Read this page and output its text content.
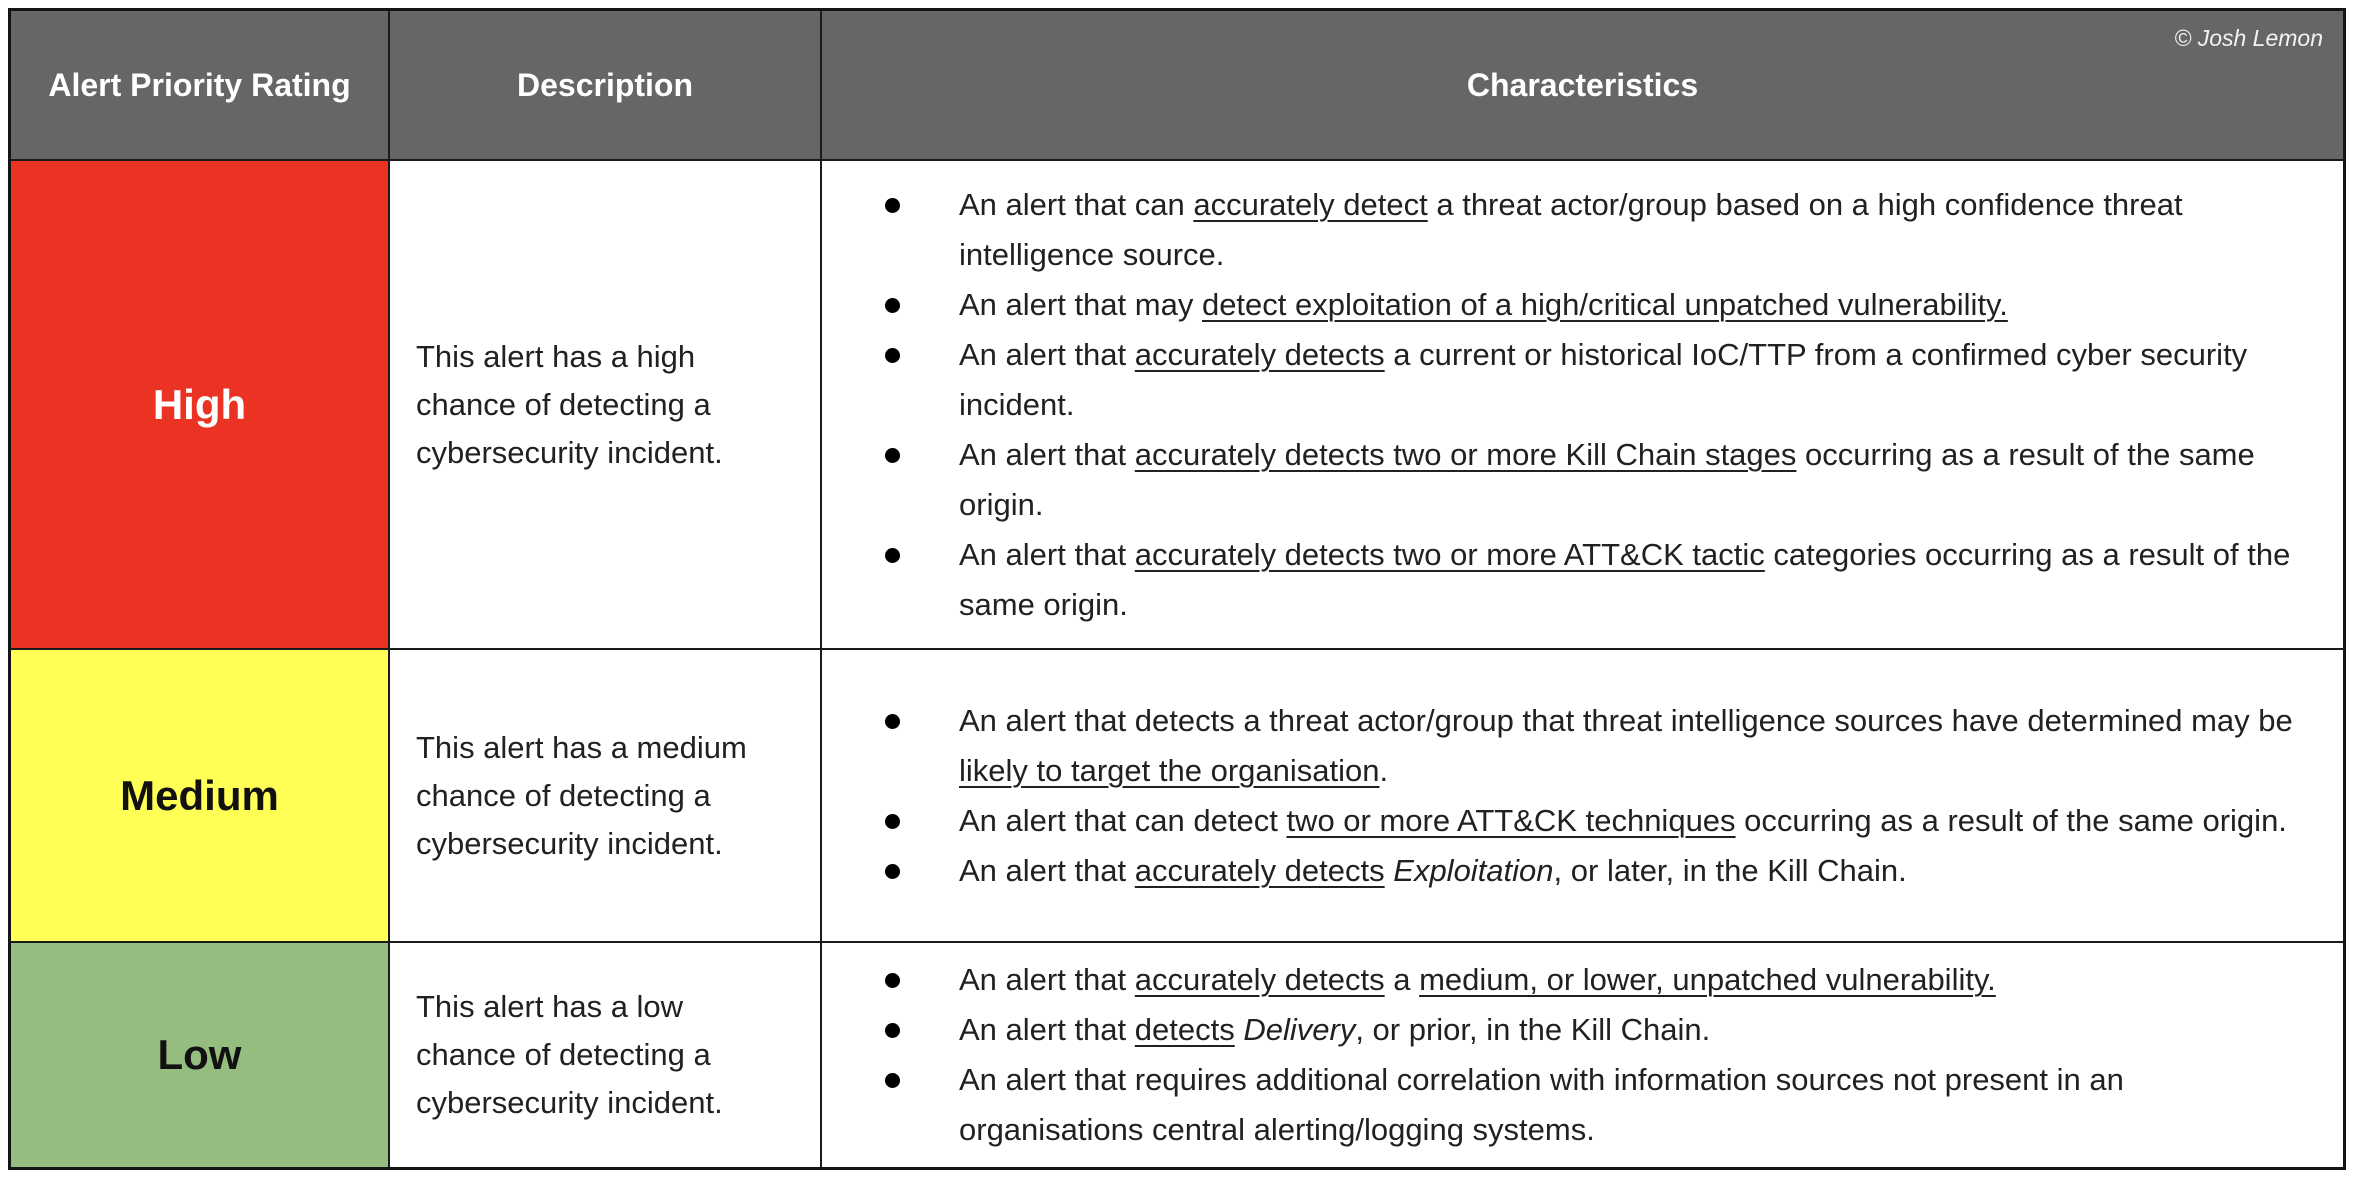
Alert Priority Rating	Description	Characteristics
© Josh Lemon
High
This alert has a high chance of detecting a cybersecurity incident.
An alert that can accurately detect a threat actor/group based on a high confidence threat intelligence source.
An alert that may detect exploitation of a high/critical unpatched vulnerability.
An alert that accurately detects a current or historical IoC/TTP from a confirmed cyber security incident.
An alert that accurately detects two or more Kill Chain stages occurring as a result of the same origin.
An alert that accurately detects two or more ATT&CK tactic categories occurring as a result of the same origin.
Medium
This alert has a medium chance of detecting a cybersecurity incident.
An alert that detects a threat actor/group that threat intelligence sources have determined may be likely to target the organisation.
An alert that can detect two or more ATT&CK techniques occurring as a result of the same origin.
An alert that accurately detects Exploitation, or later, in the Kill Chain.
Low
This alert has a low chance of detecting a cybersecurity incident.
An alert that accurately detects a medium, or lower, unpatched vulnerability.
An alert that detects Delivery, or prior, in the Kill Chain.
An alert that requires additional correlation with information sources not present in an organisations central alerting/logging systems.
